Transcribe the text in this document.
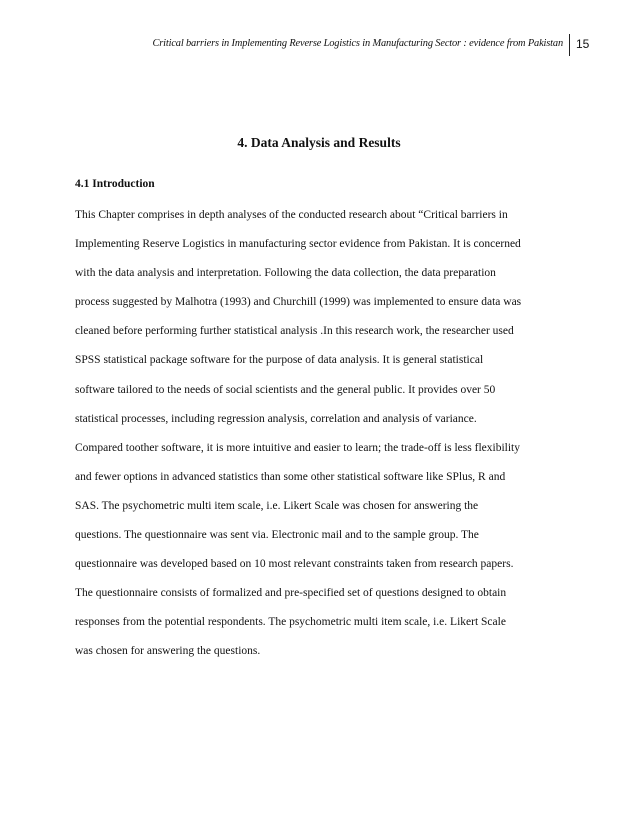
Critical barriers in Implementing Reverse Logistics in Manufacturing Sector : evidence from Pakistan 15
4. Data Analysis and Results
4.1 Introduction
This Chapter comprises in depth analyses of the conducted research about “Critical barriers in
Implementing Reserve Logistics in manufacturing sector evidence from Pakistan. It is concerned
with the data analysis and interpretation. Following the data collection, the data preparation
process suggested by Malhotra (1993) and Churchill (1999) was implemented to ensure data was
cleaned before performing further statistical analysis .In this research work, the researcher used
SPSS statistical package software for the purpose of data analysis. It is general statistical
software tailored to the needs of social scientists and the general public. It provides over 50
statistical processes, including regression analysis, correlation and analysis of variance.
Compared toother software, it is more intuitive and easier to learn; the trade-off is less flexibility
and fewer options in advanced statistics than some other statistical software like SPlus, R and
SAS. The psychometric multi item scale, i.e. Likert Scale was chosen for answering the
questions. The questionnaire was sent via. Electronic mail and to the sample group. The
questionnaire was developed based on 10 most relevant constraints taken from research papers.
The questionnaire consists of formalized and pre-specified set of questions designed to obtain
responses from the potential respondents. The psychometric multi item scale, i.e. Likert Scale
was chosen for answering the questions.
